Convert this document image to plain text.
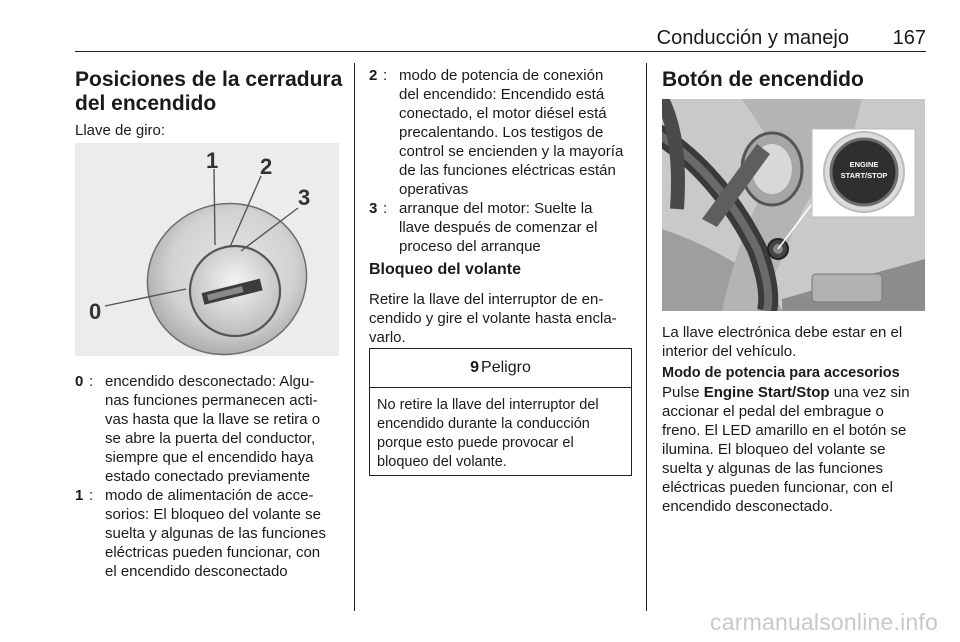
Conducción y manejo 167
Posiciones de la cerradura
del encendido
Llave de giro:
1 2
3
0
0 : encendido desconectado: Algu-
nas funciones permanecen acti-
vas hasta que la llave se retira o
se abre la puerta del conductor,
siempre que el encendido haya
estado conectado previamente
1 : modo de alimentación de acce-
sorios: El bloqueo del volante se
suelta y algunas de las funciones
eléctricas pueden funcionar, con
el encendido desconectado
2 : modo de potencia de conexión
del encendido: Encendido está
conectado, el motor diésel está
precalentando. Los testigos de
control se encienden y la mayoría
de las funciones eléctricas están
operativas
3 : arranque del motor: Suelte la
llave después de comenzar el
proceso del arranque
Bloqueo del volante
Retire la llave del interruptor de en-
cendido y gire el volante hasta encla-
varlo.
9 Peligro
No retire la llave del interruptor del
encendido durante la conducción
porque esto puede provocar el
bloqueo del volante.
Botón de encendido
ENGINE
START/STOP
La llave electrónica debe estar en el
interior del vehículo.
Modo de potencia para accesorios
Pulse Engine Start/Stop una vez sin
accionar el pedal del embrague o
freno. El LED amarillo en el botón se
ilumina. El bloqueo del volante se
suelta y algunas de las funciones
eléctricas pueden funcionar, con el
encendido desconectado.
carmanualsonline.info
